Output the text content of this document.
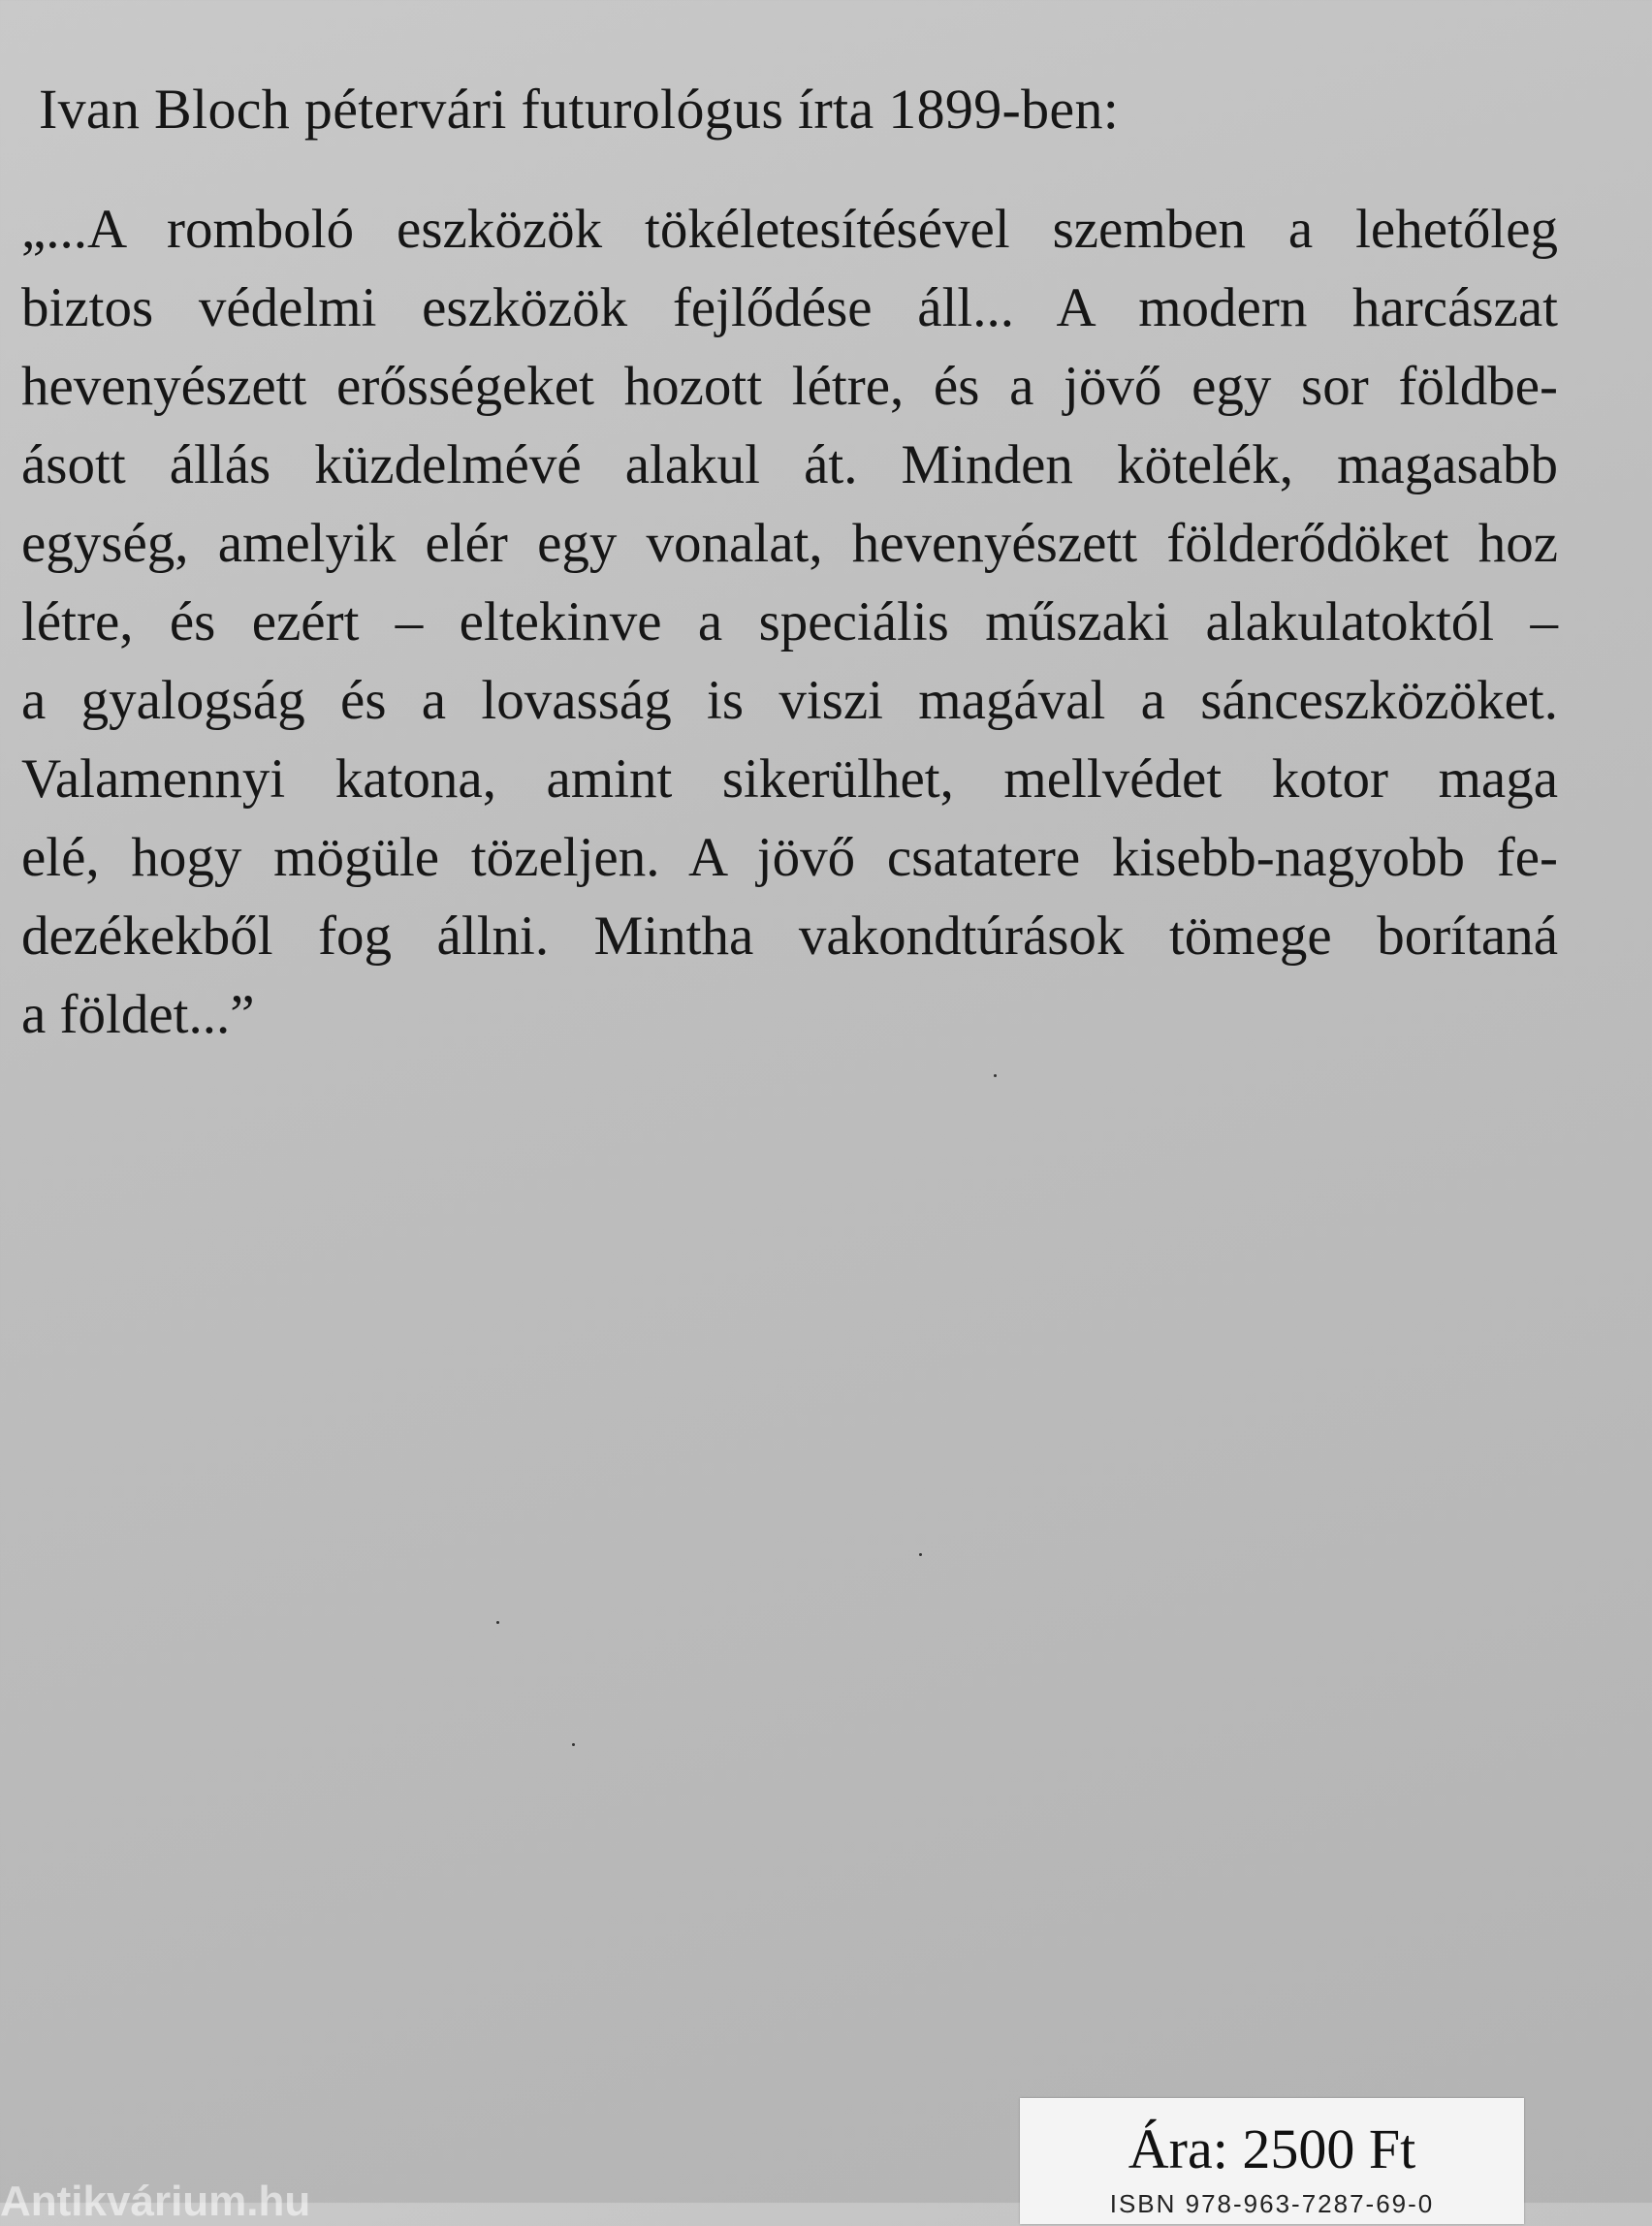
Ivan Bloch pétervári futurológus írta 1899-ben:
„...A romboló eszközök tökéletesítésével szemben a lehetőleg
biztos védelmi eszközök fejlődése áll... A modern harcászat
hevenyészett erősségeket hozott létre, és a jövő egy sor földbe-
ásott állás küzdelmévé alakul át. Minden kötelék, magasabb
egység, amelyik elér egy vonalat, hevenyészett földerődöket hoz
létre, és ezért – eltekinve a speciális műszaki alakulatoktól –
a gyalogság és a lovasság is viszi magával a sánceszközöket.
Valamennyi katona, amint sikerülhet, mellvédet kotor maga
elé, hogy mögüle tözeljen. A jövő csatatere kisebb-nagyobb fe-
dezékekből fog állni. Mintha vakondtúrások tömege borítaná
a földet...”
Ára: 2500 Ft
ISBN 978-963-7287-69-0
Antikvárium.hu
